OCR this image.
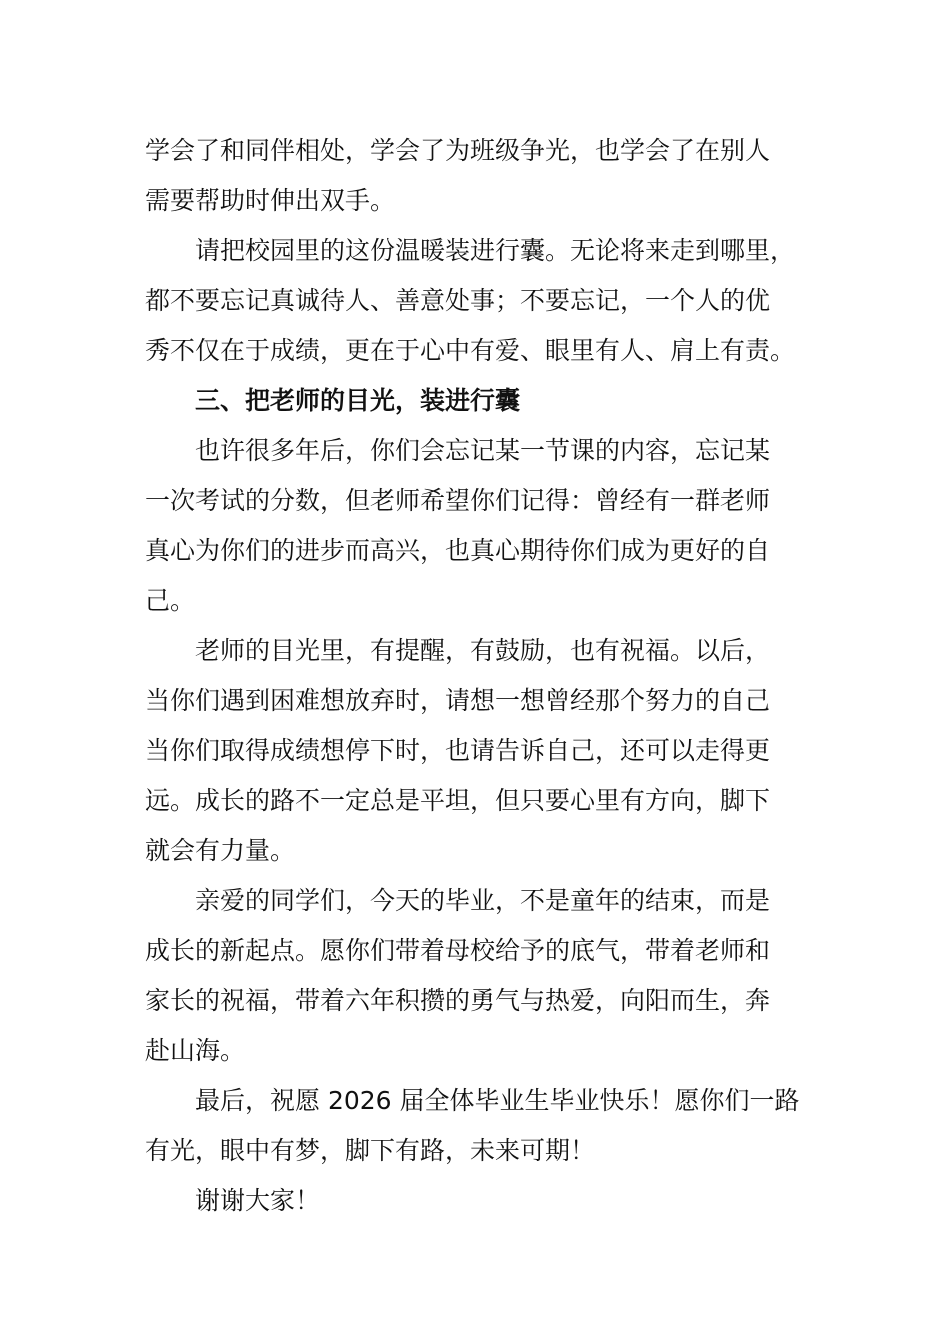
学会了和同伴相处，学会了为班级争光，也学会了在别人
需要帮助时伸出双手。
请把校园里的这份温暖装进行囊。无论将来走到哪里，
都不要忘记真诚待人、善意处事；不要忘记，一个人的优
秀不仅在于成绩，更在于心中有爱、眼里有人、肩上有责。
三、把老师的目光，装进行囊
也许很多年后，你们会忘记某一节课的内容，忘记某
一次考试的分数，但老师希望你们记得：曾经有一群老师
真心为你们的进步而高兴，也真心期待你们成为更好的自
己。
老师的目光里，有提醒，有鼓励，也有祝福。以后，
当你们遇到困难想放弃时，请想一想曾经那个努力的自己
当你们取得成绩想停下时，也请告诉自己，还可以走得更
远。成长的路不一定总是平坦，但只要心里有方向，脚下
就会有力量。
亲爱的同学们，今天的毕业，不是童年的结束，而是
成长的新起点。愿你们带着母校给予的底气，带着老师和
家长的祝福，带着六年积攒的勇气与热爱，向阳而生，奔
赴山海。
最后，祝愿 2026 届全体毕业生毕业快乐！愿你们一路
有光，眼中有梦，脚下有路，未来可期！
谢谢大家！
